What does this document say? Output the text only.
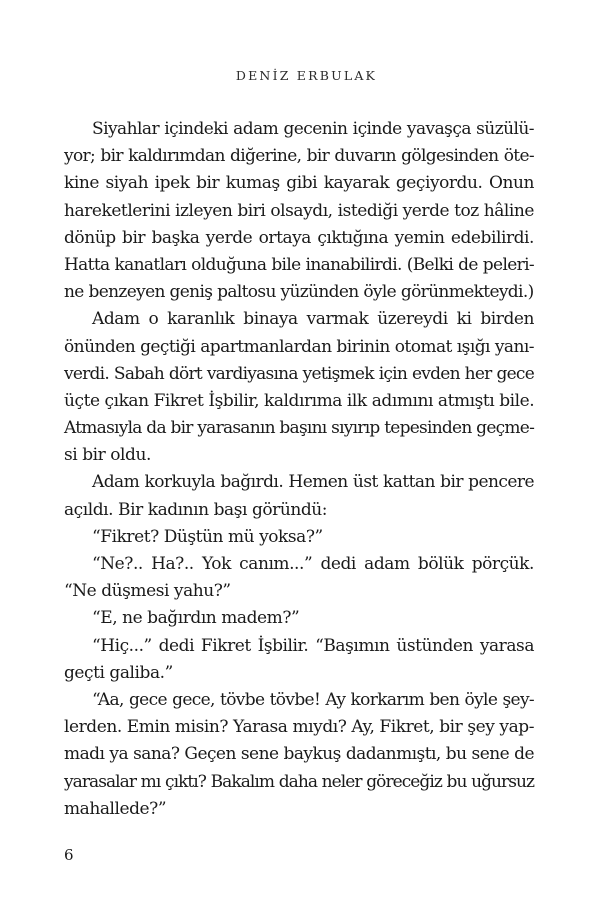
DENİZ ERBULAK
Siyahlar içindeki adam gecenin içinde yavaşça süzülü-
yor; bir kaldırımdan diğerine, bir duvarın gölgesinden öte-
kine siyah ipek bir kumaş gibi kayarak geçiyordu. Onun
hareketlerini izleyen biri olsaydı, istediği yerde toz hâline
dönüp bir başka yerde ortaya çıktığına yemin edebilirdi.
Hatta kanatları olduğuna bile inanabilirdi. (Belki de peleri-
ne benzeyen geniş paltosu yüzünden öyle görünmekteydi.)
Adam o karanlık binaya varmak üzereydi ki birden
önünden geçtiği apartmanlardan birinin otomat ışığı yanı-
verdi. Sabah dört vardiyasına yetişmek için evden her gece
üçte çıkan Fikret İşbilir, kaldırıma ilk adımını atmıştı bile.
Atmasıyla da bir yarasanın başını sıyırıp tepesinden geçme-
si bir oldu.
Adam korkuyla bağırdı. Hemen üst kattan bir pencere
açıldı. Bir kadının başı göründü:
“Fikret? Düştün mü yoksa?”
“Ne?.. Ha?.. Yok canım...” dedi adam bölük pörçük.
“Ne düşmesi yahu?”
“E, ne bağırdın madem?”
“Hiç...” dedi Fikret İşbilir. “Başımın üstünden yarasa
geçti galiba.”
“Aa, gece gece, tövbe tövbe! Ay korkarım ben öyle şey-
lerden. Emin misin? Yarasa mıydı? Ay, Fikret, bir şey yap-
madı ya sana? Geçen sene baykuş dadanmıştı, bu sene de
yarasalar mı çıktı? Bakalım daha neler göreceğiz bu uğursuz
mahallede?”
6
